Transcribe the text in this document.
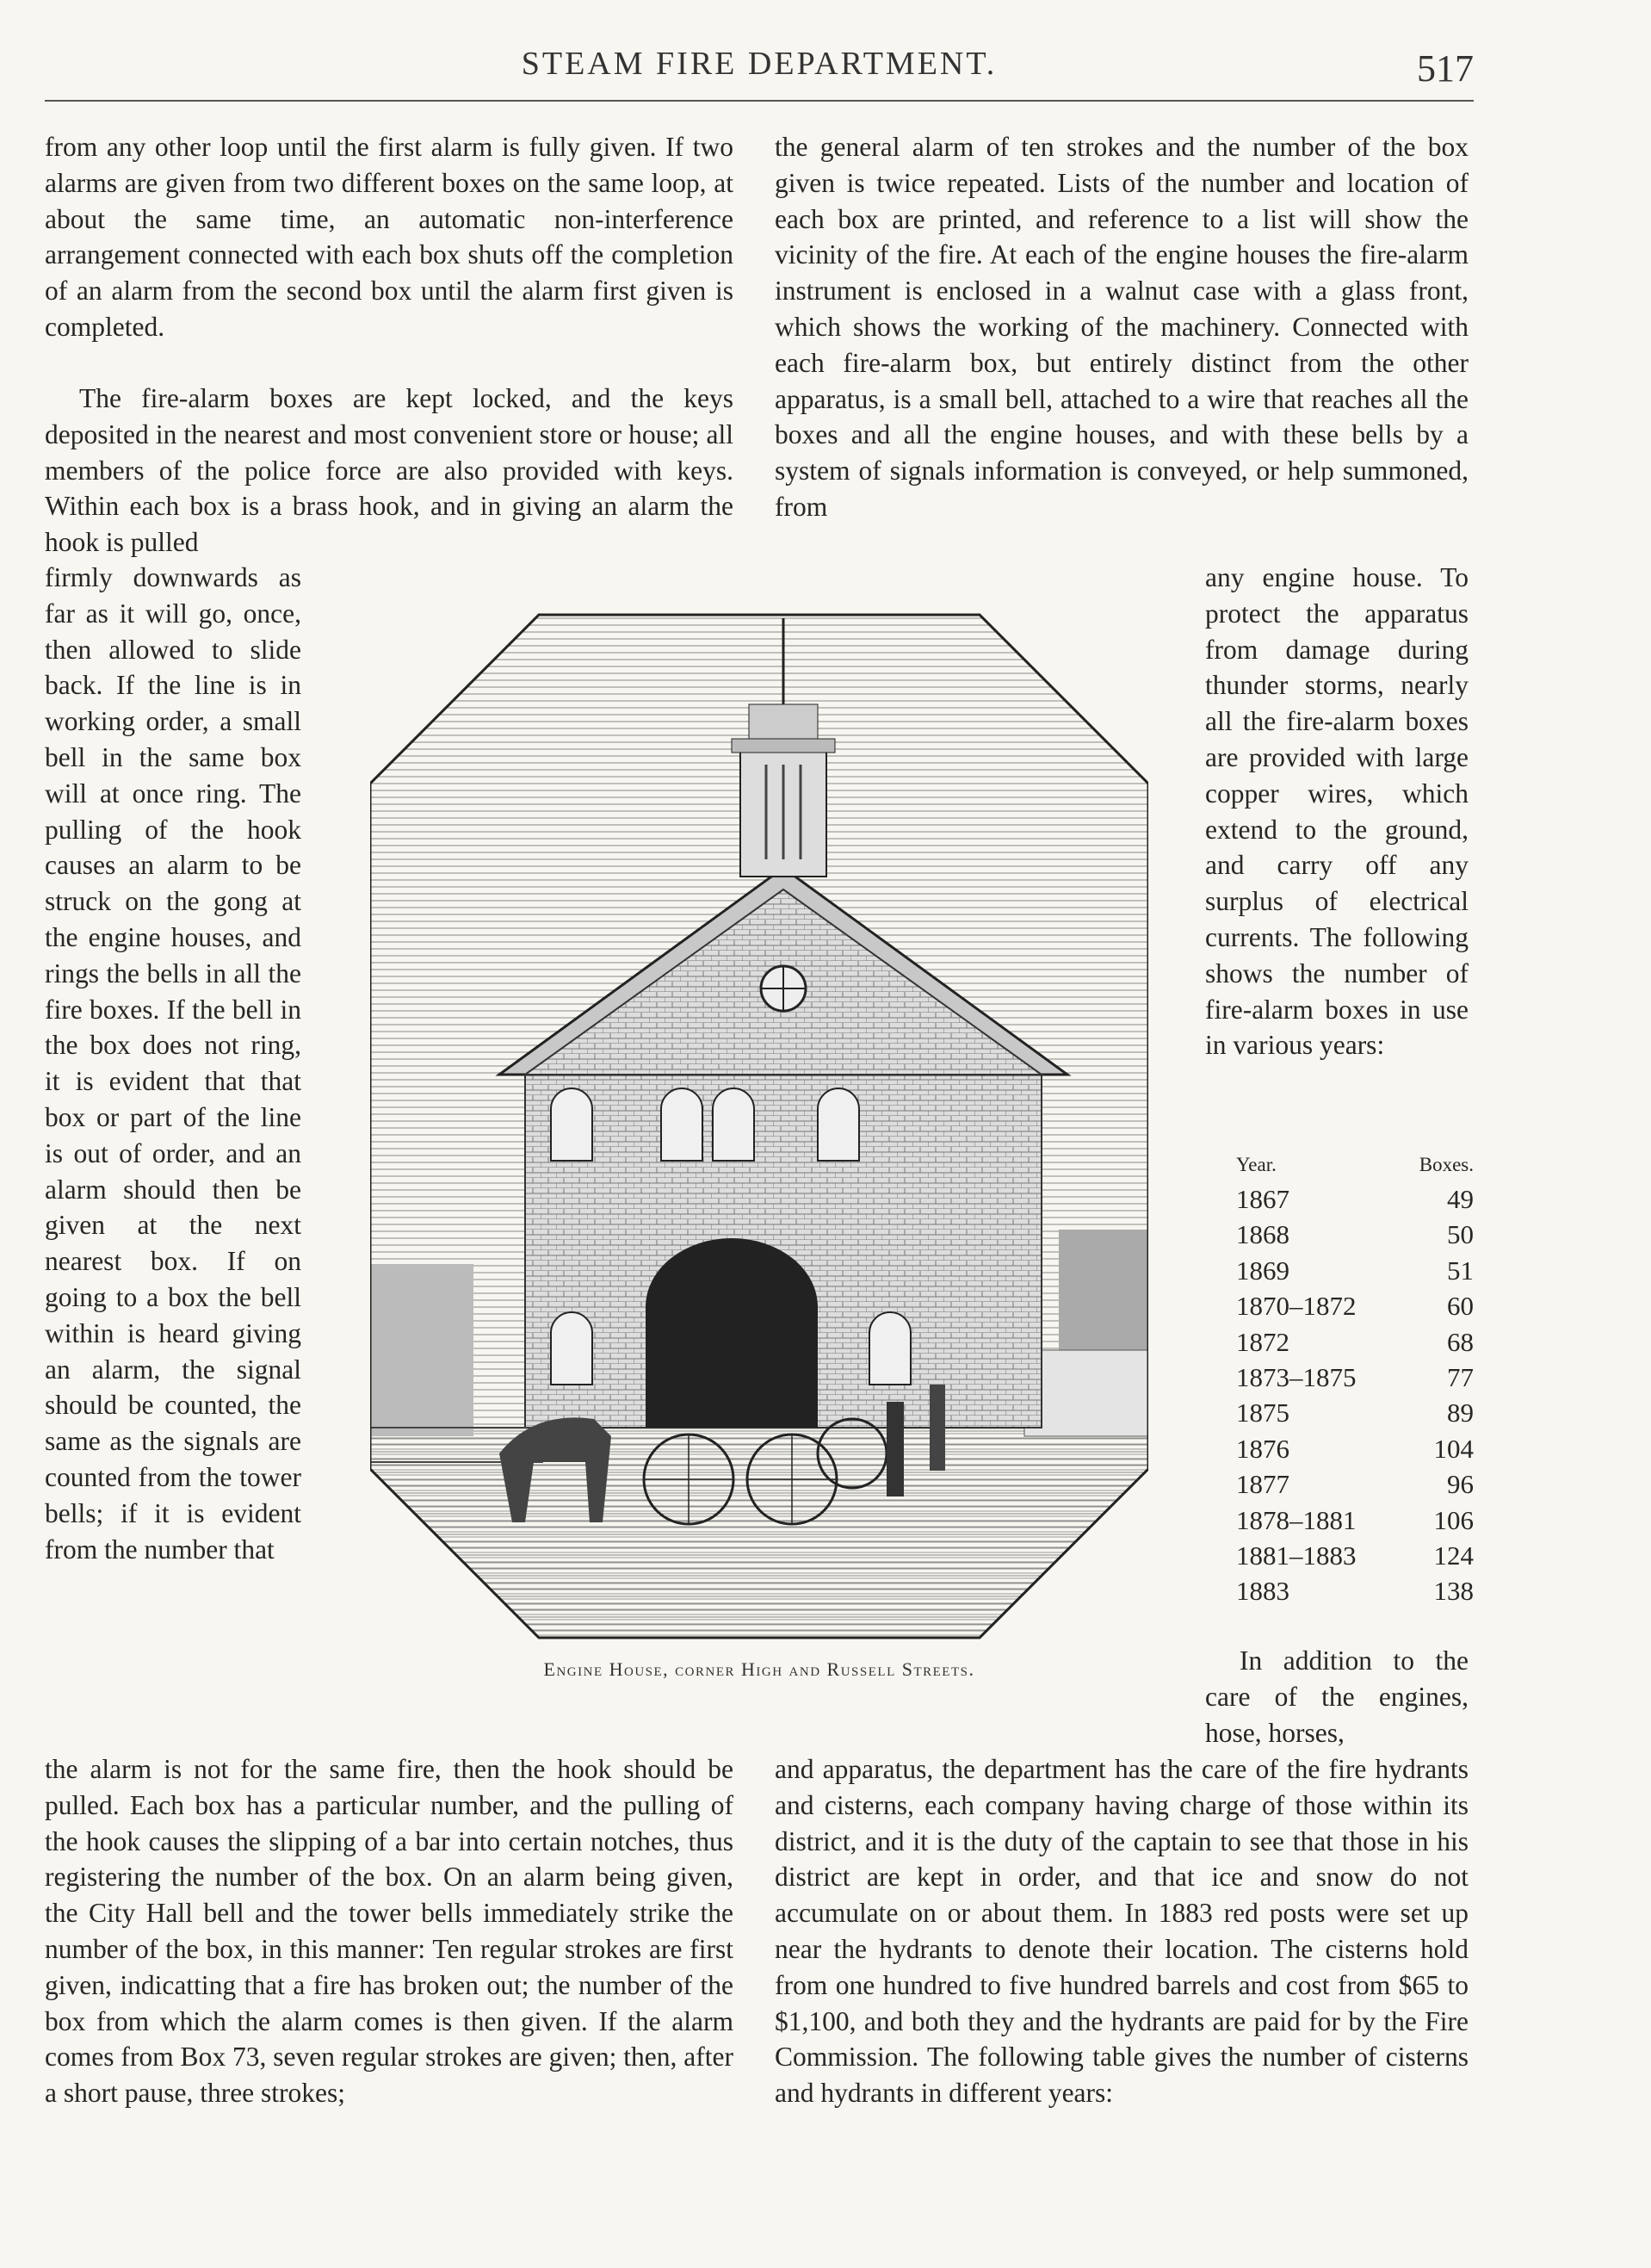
STEAM FIRE DEPARTMENT.	517

from any other loop until the first alarm is fully given. If two alarms are given from two different boxes on the same loop, at about the same time, an automatic non-interference arrangement connected with each box shuts off the completion of an alarm from the second box until the alarm first given is completed.

The fire-alarm boxes are kept locked, and the keys deposited in the nearest and most convenient store or house; all members of the police force are also provided with keys. Within each box is a brass hook, and in giving an alarm the hook is pulled

firmly downwards as far as it will go, once, then allowed to slide back. If the line is in working order, a small bell in the same box will at once ring. The pulling of the hook causes an alarm to be struck on the gong at the engine houses, and rings the bells in all the fire boxes. If the bell in the box does not ring, it is evident that that box or part of the line is out of order, and an alarm should then be given at the next nearest box. If on going to a box the bell within is heard giving an alarm, the signal should be counted, the same as the signals are counted from the tower bells; if it is evident from the number that

the alarm is not for the same fire, then the hook should be pulled. Each box has a particular number, and the pulling of the hook causes the slipping of a bar into certain notches, thus registering the number of the box. On an alarm being given, the City Hall bell and the tower bells immediately strike the number of the box, in this manner: Ten regular strokes are first given, indicatting that a fire has broken out; the number of the box from which the alarm comes is then given. If the alarm comes from Box 73, seven regular strokes are given; then, after a short pause, three strokes;

the general alarm of ten strokes and the number of the box given is twice repeated. Lists of the number and location of each box are printed, and reference to a list will show the vicinity of the fire. At each of the engine houses the fire-alarm instrument is enclosed in a walnut case with a glass front, which shows the working of the machinery. Connected with each fire-alarm box, but entirely distinct from the other apparatus, is a small bell, attached to a wire that reaches all the boxes and all the engine houses, and with these bells by a system of signals information is conveyed, or help summoned, from

any engine house. To protect the apparatus from damage during thunder storms, nearly all the fire-alarm boxes are provided with large copper wires, which extend to the ground, and carry off any surplus of electrical currents. The following shows the number of fire-alarm boxes in use in various years:

Year.	Boxes.
1867	49
1868	50
1869	51
1870–1872	60
1872	68
1873–1875	77
1875	89
1876	104
1877	96
1878–1881	106
1881–1883	124
1883	138

In addition to the care of the engines, hose, horses,

and apparatus, the department has the care of the fire hydrants and cisterns, each company having charge of those within its district, and it is the duty of the captain to see that those in his district are kept in order, and that ice and snow do not accumulate on or about them. In 1883 red posts were set up near the hydrants to denote their location. The cisterns hold from one hundred to five hundred barrels and cost from $65 to $1,100, and both they and the hydrants are paid for by the Fire Commission. The following table gives the number of cisterns and hydrants in different years:

Engine House, corner High and Russell Streets.
